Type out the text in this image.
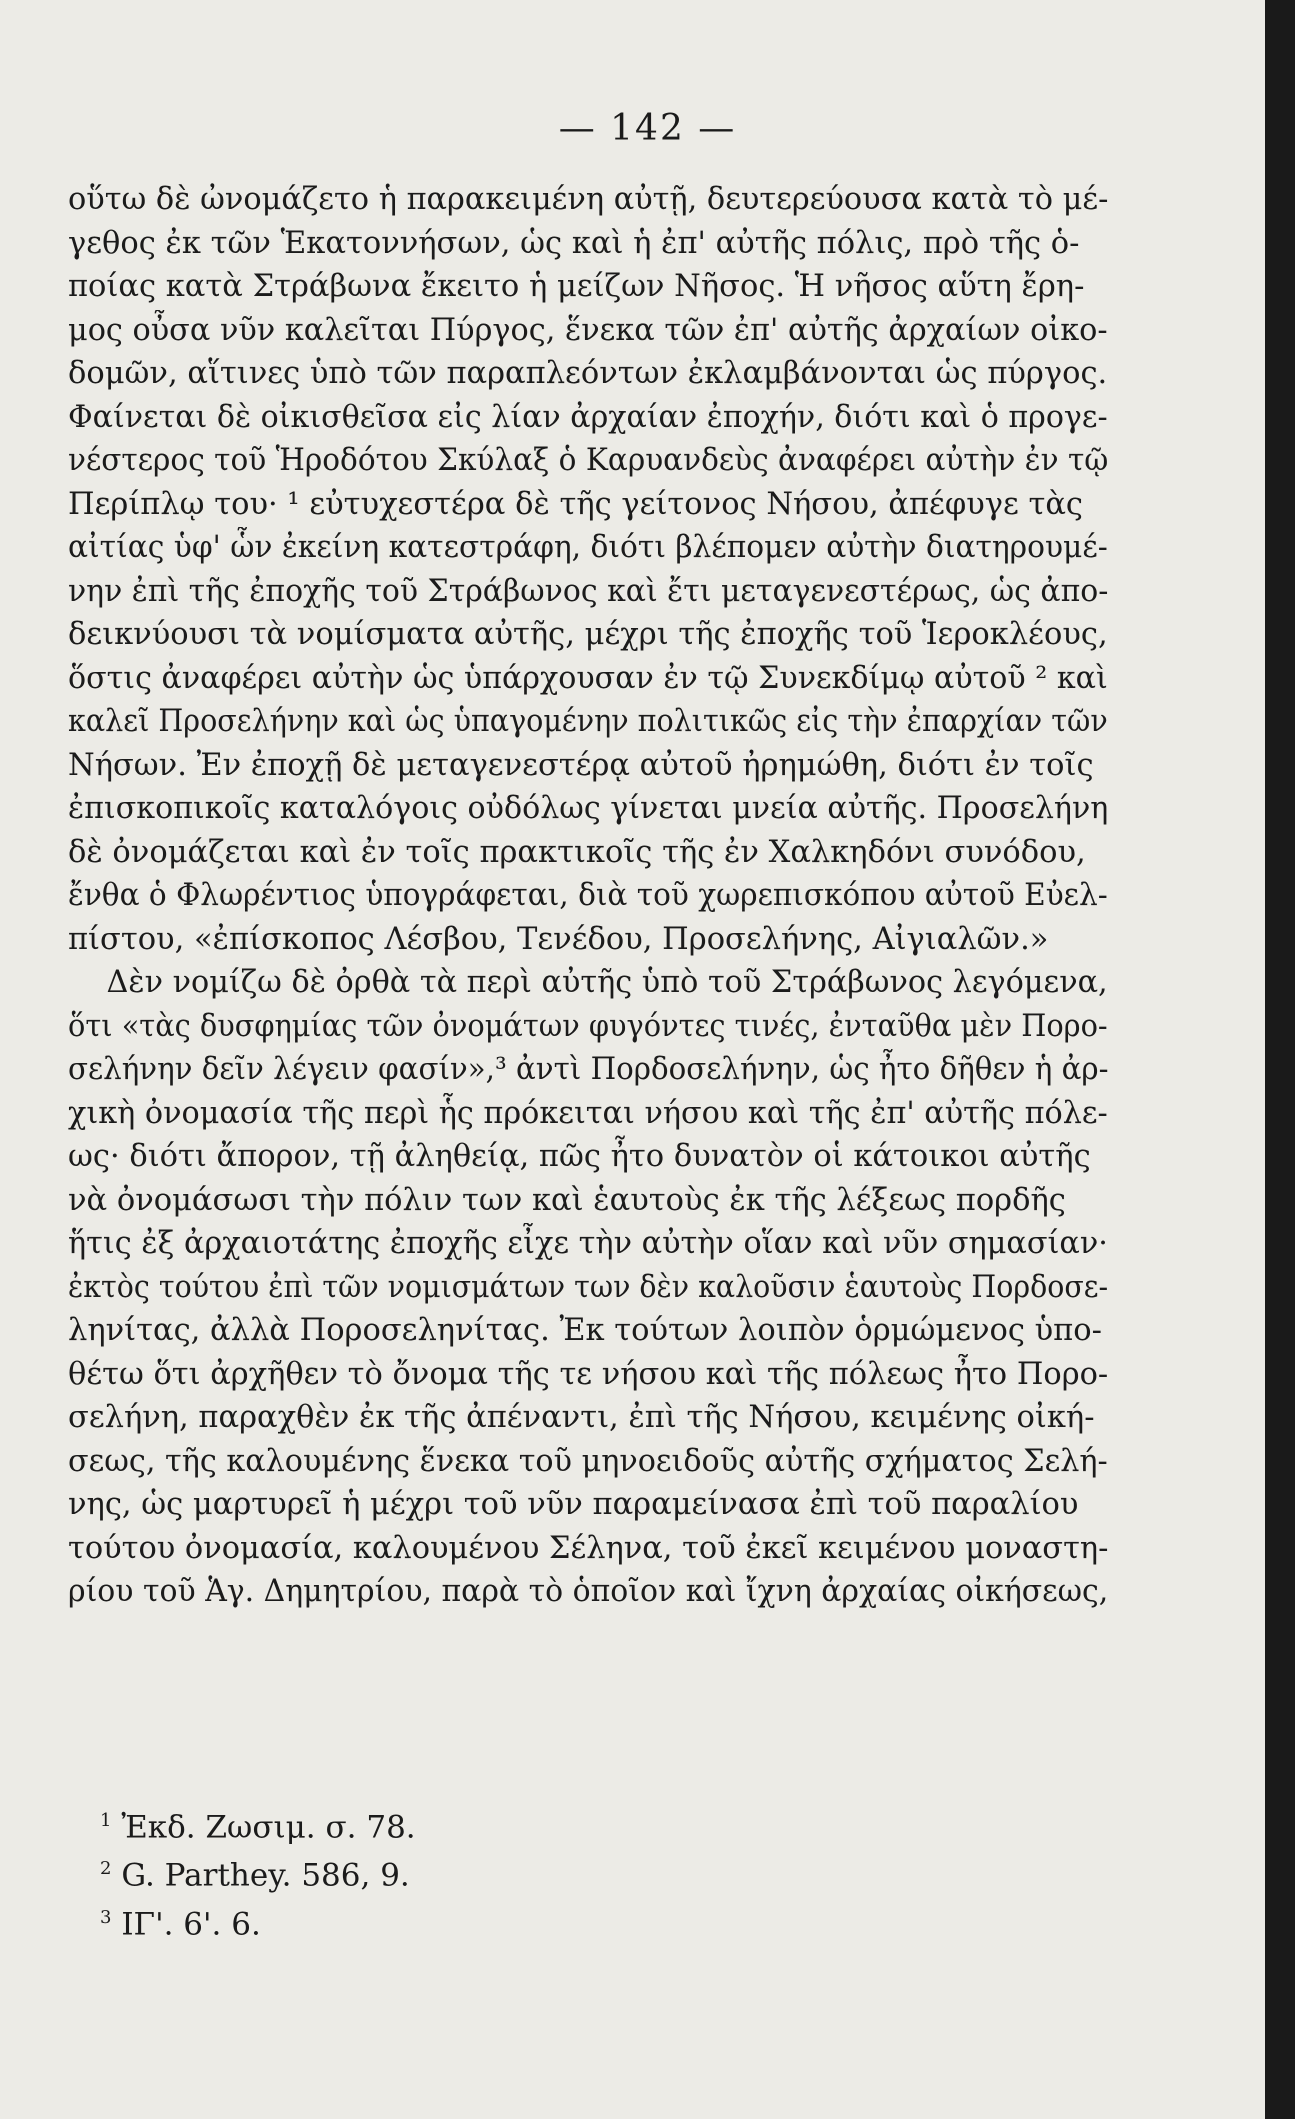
— 142 —
οὕτω δὲ ὠνομάζετο ἡ παρακειμένη αὐτῇ, δευτερεύουσα κατὰ τὸ μέ-
γεθος ἐκ τῶν Ἑκατοννήσων, ὡς καὶ ἡ ἐπ' αὐτῆς πόλις, πρὸ τῆς ὁ-
ποίας κατὰ Στράβωνα ἔκειτο ἡ μείζων Νῆσος. Ἡ νῆσος αὕτη ἔρη-
μος οὖσα νῦν καλεῖται Πύργος, ἕνεκα τῶν ἐπ' αὐτῆς ἀρχαίων οἰκο-
δομῶν, αἵτινες ὑπὸ τῶν παραπλεόντων ἐκλαμβάνονται ὡς πύργος.
Φαίνεται δὲ οἰκισθεῖσα εἰς λίαν ἀρχαίαν ἐποχήν, διότι καὶ ὁ προγε-
νέστερος τοῦ Ἡροδότου Σκύλαξ ὁ Καρυανδεὺς ἀναφέρει αὐτὴν ἐν τῷ
Περίπλῳ του· ¹ εὐτυχεστέρα δὲ τῆς γείτονος Νήσου, ἀπέφυγε τὰς
αἰτίας ὑφ' ὧν ἐκείνη κατεστράφη, διότι βλέπομεν αὐτὴν διατηρουμέ-
νην ἐπὶ τῆς ἐποχῆς τοῦ Στράβωνος καὶ ἔτι μεταγενεστέρως, ὡς ἀπο-
δεικνύουσι τὰ νομίσματα αὐτῆς, μέχρι τῆς ἐποχῆς τοῦ Ἱεροκλέους,
ὅστις ἀναφέρει αὐτὴν ὡς ὑπάρχουσαν ἐν τῷ Συνεκδίμῳ αὐτοῦ ² καὶ
καλεῖ Προσελήνην καὶ ὡς ὑπαγομένην πολιτικῶς εἰς τὴν ἐπαρχίαν τῶν
Νήσων. Ἐν ἐποχῇ δὲ μεταγενεστέρᾳ αὐτοῦ ἠρημώθη, διότι ἐν τοῖς
ἐπισκοπικοῖς καταλόγοις οὐδόλως γίνεται μνεία αὐτῆς. Προσελήνη
δὲ ὀνομάζεται καὶ ἐν τοῖς πρακτικοῖς τῆς ἐν Χαλκηδόνι συνόδου,
ἔνθα ὁ Φλωρέντιος ὑπογράφεται, διὰ τοῦ χωρεπισκόπου αὐτοῦ Εὐελ-
πίστου, «ἐπίσκοπος Λέσβου, Τενέδου, Προσελήνης, Αἰγιαλῶν.»
Δὲν νομίζω δὲ ὀρθὰ τὰ περὶ αὐτῆς ὑπὸ τοῦ Στράβωνος λεγόμενα,
ὅτι «τὰς δυσφημίας τῶν ὀνομάτων φυγόντες τινές, ἐνταῦθα μὲν Πορο-
σελήνην δεῖν λέγειν φασίν»,³ ἀντὶ Πορδοσελήνην, ὡς ἦτο δῆθεν ἡ ἀρ-
χικὴ ὀνομασία τῆς περὶ ἧς πρόκειται νήσου καὶ τῆς ἐπ' αὐτῆς πόλε-
ως· διότι ἄπορον, τῇ ἀληθείᾳ, πῶς ἦτο δυνατὸν οἱ κάτοικοι αὐτῆς
νὰ ὀνομάσωσι τὴν πόλιν των καὶ ἑαυτοὺς ἐκ τῆς λέξεως πορδῆς
ἥτις ἐξ ἀρχαιοτάτης ἐποχῆς εἶχε τὴν αὐτὴν οἵαν καὶ νῦν σημασίαν·
ἐκτὸς τούτου ἐπὶ τῶν νομισμάτων των δὲν καλοῦσιν ἑαυτοὺς Πορδοσε-
ληνίτας, ἀλλὰ Ποροσεληνίτας. Ἐκ τούτων λοιπὸν ὁρμώμενος ὑπο-
θέτω ὅτι ἀρχῆθεν τὸ ὄνομα τῆς τε νήσου καὶ τῆς πόλεως ἦτο Πορο-
σελήνη, παραχθὲν ἐκ τῆς ἀπέναντι, ἐπὶ τῆς Νήσου, κειμένης οἰκή-
σεως, τῆς καλουμένης ἕνεκα τοῦ μηνοειδοῦς αὐτῆς σχήματος Σελή-
νης, ὡς μαρτυρεῖ ἡ μέχρι τοῦ νῦν παραμείνασα ἐπὶ τοῦ παραλίου
τούτου ὀνομασία, καλουμένου Σέληνα, τοῦ ἐκεῖ κειμένου μοναστη-
ρίου τοῦ Ἁγ. Δημητρίου, παρὰ τὸ ὁποῖον καὶ ἴχνη ἀρχαίας οἰκήσεως,
$^1$ Ἐκδ. Ζωσιμ. σ. 78.
$^2$ G. Parthey. 586, 9.
$^3$ ΙΓ'. 6'. 6.
